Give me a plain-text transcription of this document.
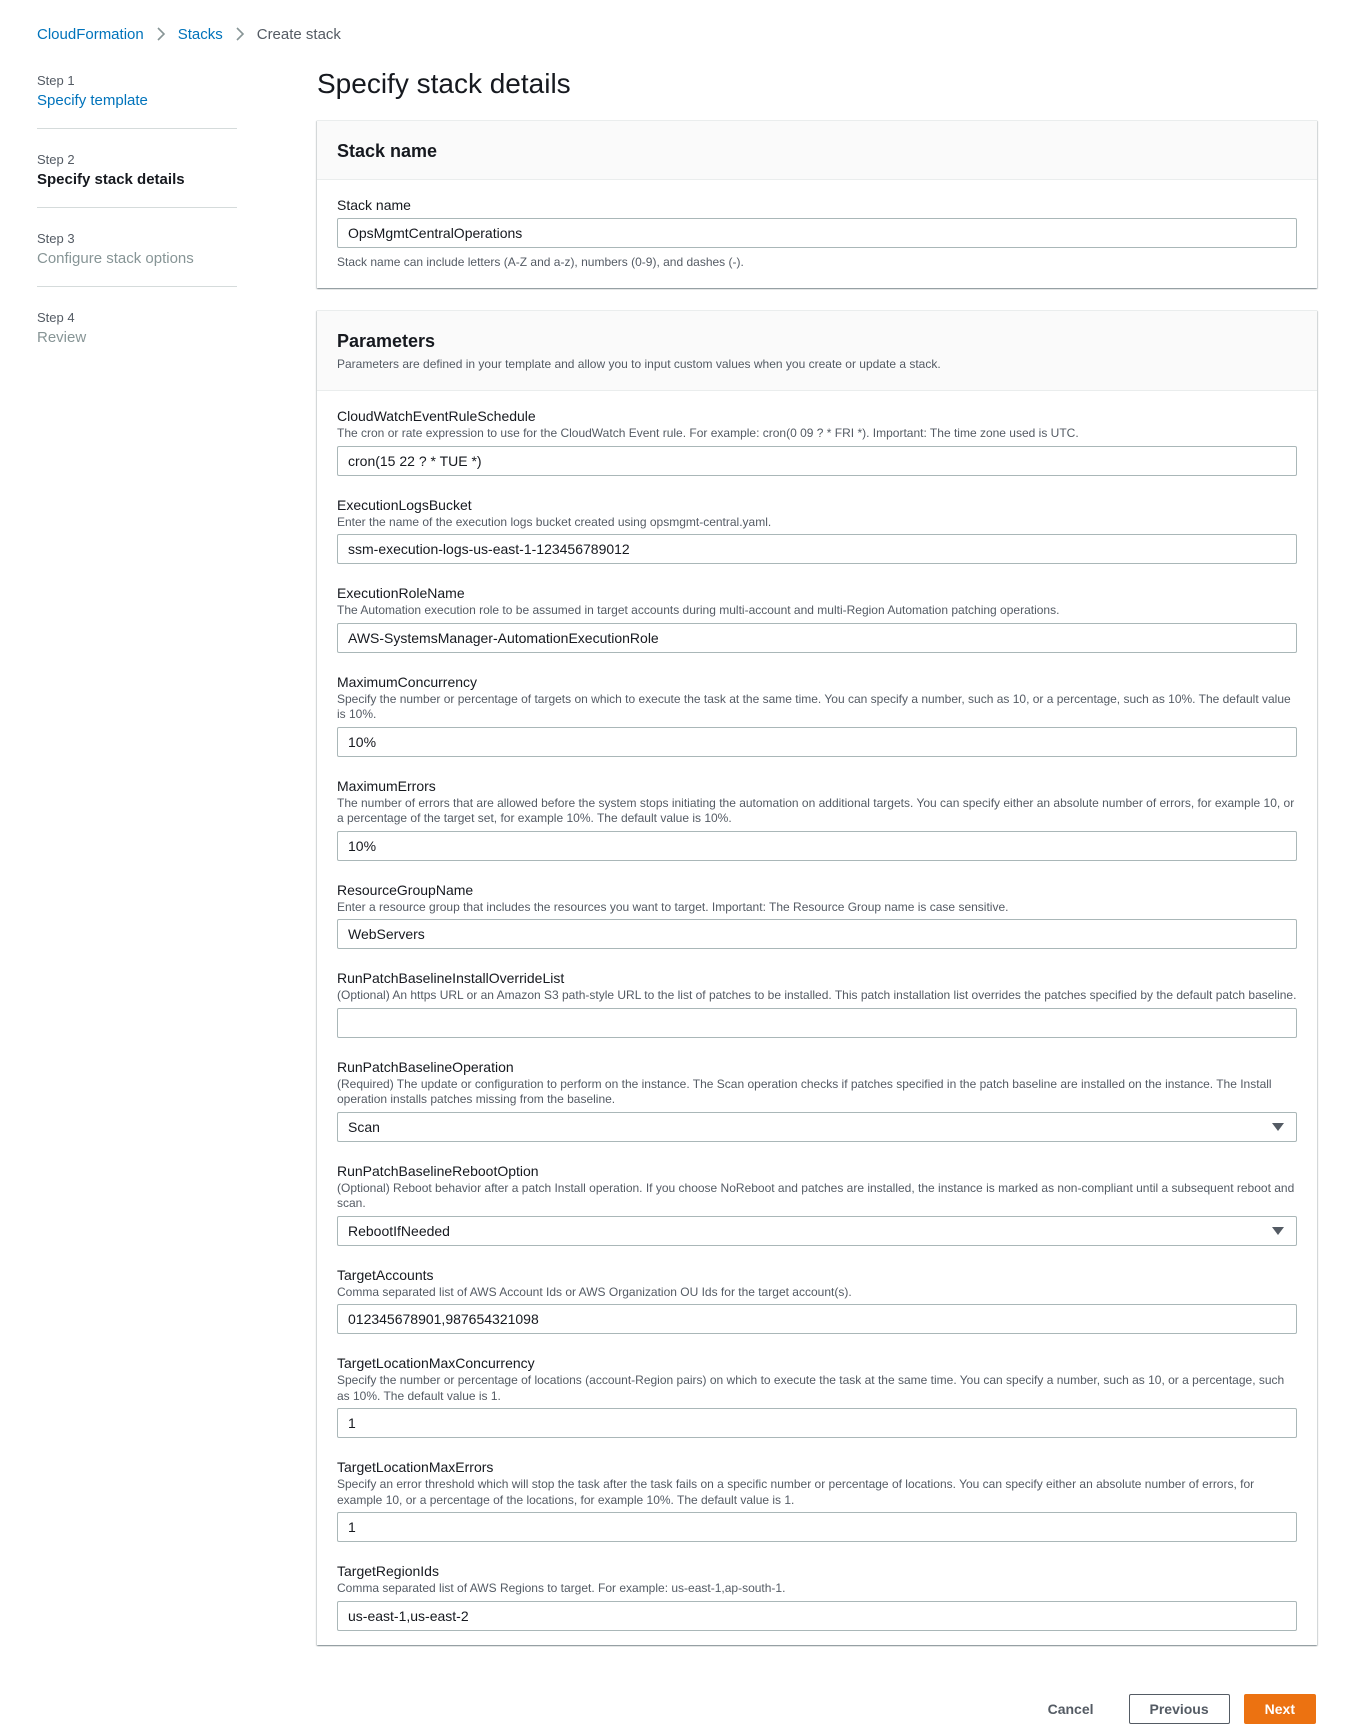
CloudFormation Stacks Create stack
Step 1
Specify template
Step 2
Specify stack details
Step 3
Configure stack options
Step 4
Review
Specify stack details
Stack name
Stack name
OpsMgmtCentralOperations
Stack name can include letters (A-Z and a-z), numbers (0-9), and dashes (-).
Parameters
Parameters are defined in your template and allow you to input custom values when you create or update a stack.
CloudWatchEventRuleSchedule
The cron or rate expression to use for the CloudWatch Event rule. For example: cron(0 09 ? * FRI *). Important: The time zone used is UTC.
cron(15 22 ? * TUE *)
ExecutionLogsBucket
Enter the name of the execution logs bucket created using opsmgmt-central.yaml.
ssm-execution-logs-us-east-1-123456789012
ExecutionRoleName
The Automation execution role to be assumed in target accounts during multi-account and multi-Region Automation patching operations.
AWS-SystemsManager-AutomationExecutionRole
MaximumConcurrency
Specify the number or percentage of targets on which to execute the task at the same time. You can specify a number, such as 10, or a percentage, such as 10%. The default value is 10%.
10%
MaximumErrors
The number of errors that are allowed before the system stops initiating the automation on additional targets. You can specify either an absolute number of errors, for example 10, or a percentage of the target set, for example 10%. The default value is 10%.
10%
ResourceGroupName
Enter a resource group that includes the resources you want to target. Important: The Resource Group name is case sensitive.
WebServers
RunPatchBaselineInstallOverrideList
(Optional) An https URL or an Amazon S3 path-style URL to the list of patches to be installed. This patch installation list overrides the patches specified by the default patch baseline.
RunPatchBaselineOperation
(Required) The update or configuration to perform on the instance. The Scan operation checks if patches specified in the patch baseline are installed on the instance. The Install operation installs patches missing from the baseline.
Scan
RunPatchBaselineRebootOption
(Optional) Reboot behavior after a patch Install operation. If you choose NoReboot and patches are installed, the instance is marked as non-compliant until a subsequent reboot and scan.
RebootIfNeeded
TargetAccounts
Comma separated list of AWS Account Ids or AWS Organization OU Ids for the target account(s).
012345678901,987654321098
TargetLocationMaxConcurrency
Specify the number or percentage of locations (account-Region pairs) on which to execute the task at the same time. You can specify a number, such as 10, or a percentage, such as 10%. The default value is 1.
1
TargetLocationMaxErrors
Specify an error threshold which will stop the task after the task fails on a specific number or percentage of locations. You can specify either an absolute number of errors, for example 10, or a percentage of the locations, for example 10%. The default value is 1.
1
TargetRegionIds
Comma separated list of AWS Regions to target. For example: us-east-1,ap-south-1.
us-east-1,us-east-2
Cancel	Previous	Next
